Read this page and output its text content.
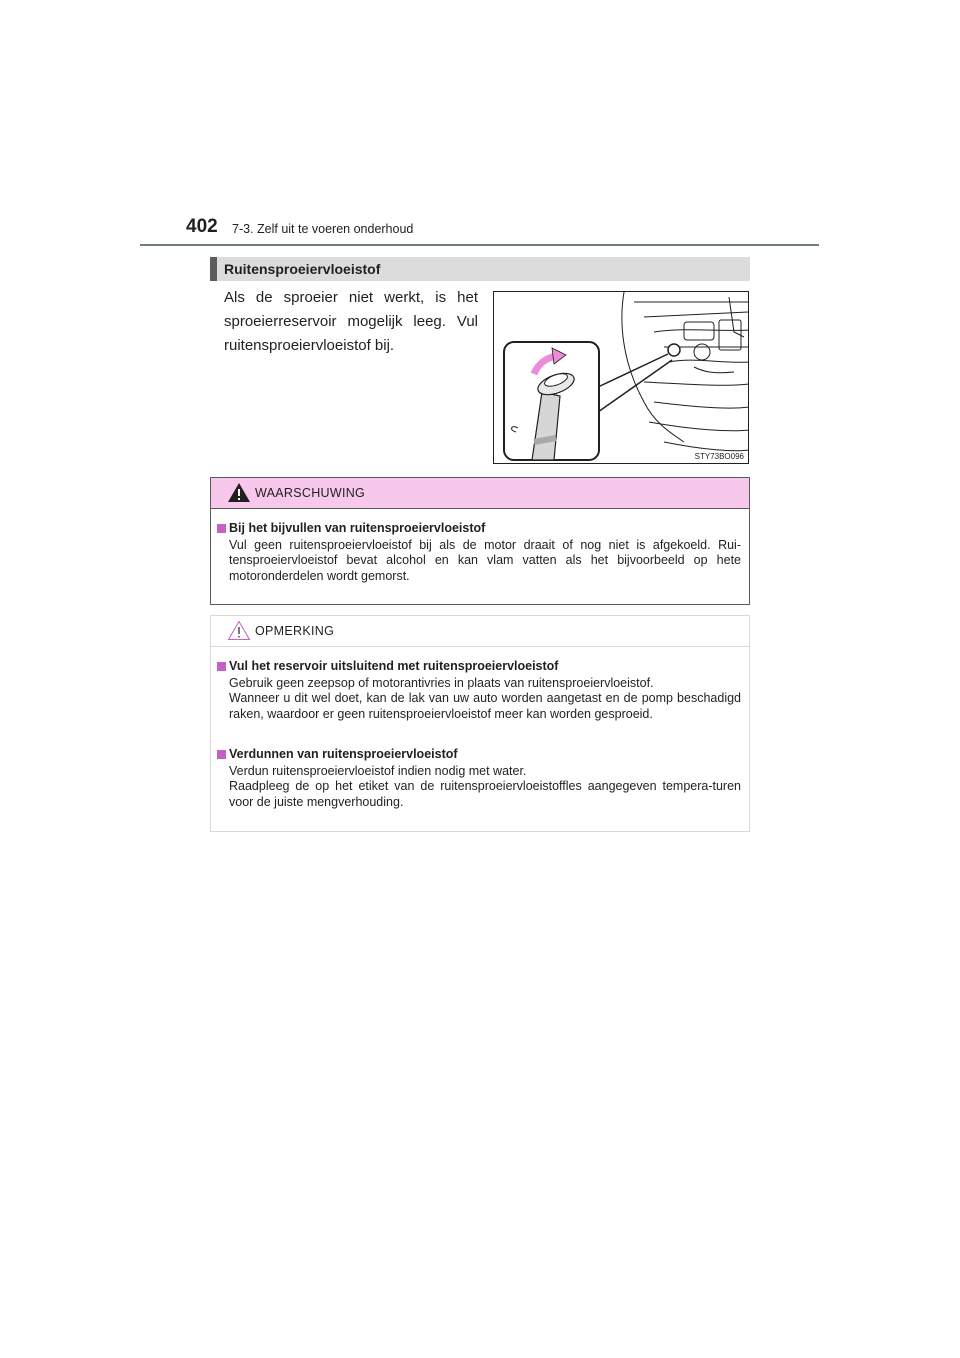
402 7-3. Zelf uit te voeren onderhoud
Ruitensproeiervloeistof
Als de sproeier niet werkt, is het sproeierreservoir mogelijk leeg. Vul ruitensproeiervloeistof bij.
STY73BO096
WAARSCHUWING
Bij het bijvullen van ruitensproeiervloeistof
Vul geen ruitensproeiervloeistof bij als de motor draait of nog niet is afgekoeld. Rui-tensproeiervloeistof bevat alcohol en kan vlam vatten als het bijvoorbeeld op hete motoronderdelen wordt gemorst.
OPMERKING
Vul het reservoir uitsluitend met ruitensproeiervloeistof
Gebruik geen zeepsop of motorantivries in plaats van ruitensproeiervloeistof.
Wanneer u dit wel doet, kan de lak van uw auto worden aangetast en de pomp beschadigd raken, waardoor er geen ruitensproeiervloeistof meer kan worden gesproeid.
Verdunnen van ruitensproeiervloeistof
Verdun ruitensproeiervloeistof indien nodig met water.
Raadpleeg de op het etiket van de ruitensproeiervloeistoffles aangegeven tempera-turen voor de juiste mengverhouding.
